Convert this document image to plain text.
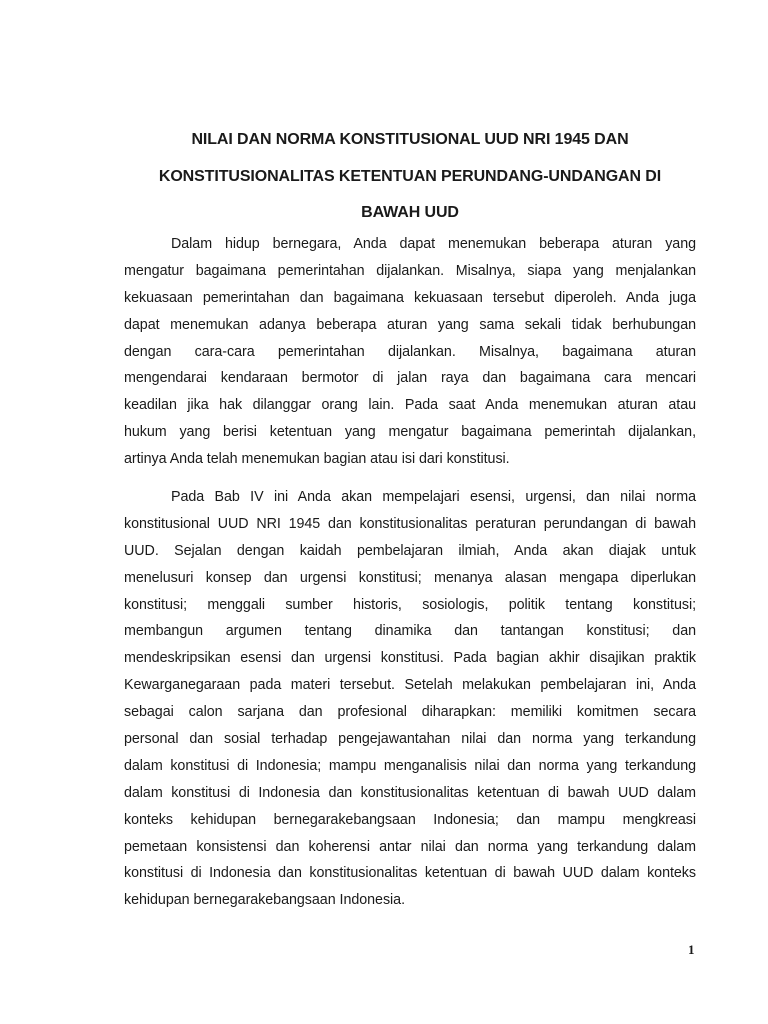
NILAI DAN NORMA KONSTITUSIONAL UUD NRI 1945 DAN
KONSTITUSIONALITAS KETENTUAN PERUNDANG-UNDANGAN DI
BAWAH UUD
Dalam hidup bernegara, Anda dapat menemukan beberapa aturan yang
mengatur bagaimana pemerintahan dijalankan. Misalnya, siapa yang menjalankan
kekuasaan pemerintahan dan bagaimana kekuasaan tersebut diperoleh. Anda juga
dapat menemukan adanya beberapa aturan yang sama sekali tidak berhubungan
dengan cara-cara pemerintahan dijalankan. Misalnya, bagaimana aturan
mengendarai kendaraan bermotor di jalan raya dan bagaimana cara mencari
keadilan jika hak dilanggar orang lain. Pada saat Anda menemukan aturan atau
hukum yang berisi ketentuan yang mengatur bagaimana pemerintah dijalankan,
artinya Anda telah menemukan bagian atau isi dari konstitusi.
Pada Bab IV ini Anda akan mempelajari esensi, urgensi, dan nilai norma
konstitusional UUD NRI 1945 dan konstitusionalitas peraturan perundangan di bawah
UUD. Sejalan dengan kaidah pembelajaran ilmiah, Anda akan diajak untuk
menelusuri konsep dan urgensi konstitusi; menanya alasan mengapa diperlukan
konstitusi; menggali sumber historis, sosiologis, politik tentang konstitusi;
membangun argumen tentang dinamika dan tantangan konstitusi; dan
mendeskripsikan esensi dan urgensi konstitusi. Pada bagian akhir disajikan praktik
Kewarganegaraan pada materi tersebut. Setelah melakukan pembelajaran ini, Anda
sebagai calon sarjana dan profesional diharapkan: memiliki komitmen secara
personal dan sosial terhadap pengejawantahan nilai dan norma yang terkandung
dalam konstitusi di Indonesia; mampu menganalisis nilai dan norma yang terkandung
dalam konstitusi di Indonesia dan konstitusionalitas ketentuan di bawah UUD dalam
konteks kehidupan bernegarakebangsaan Indonesia; dan mampu mengkreasi
pemetaan konsistensi dan koherensi antar nilai dan norma yang terkandung dalam
konstitusi di Indonesia dan konstitusionalitas ketentuan di bawah UUD dalam konteks
kehidupan bernegarakebangsaan Indonesia.
1
